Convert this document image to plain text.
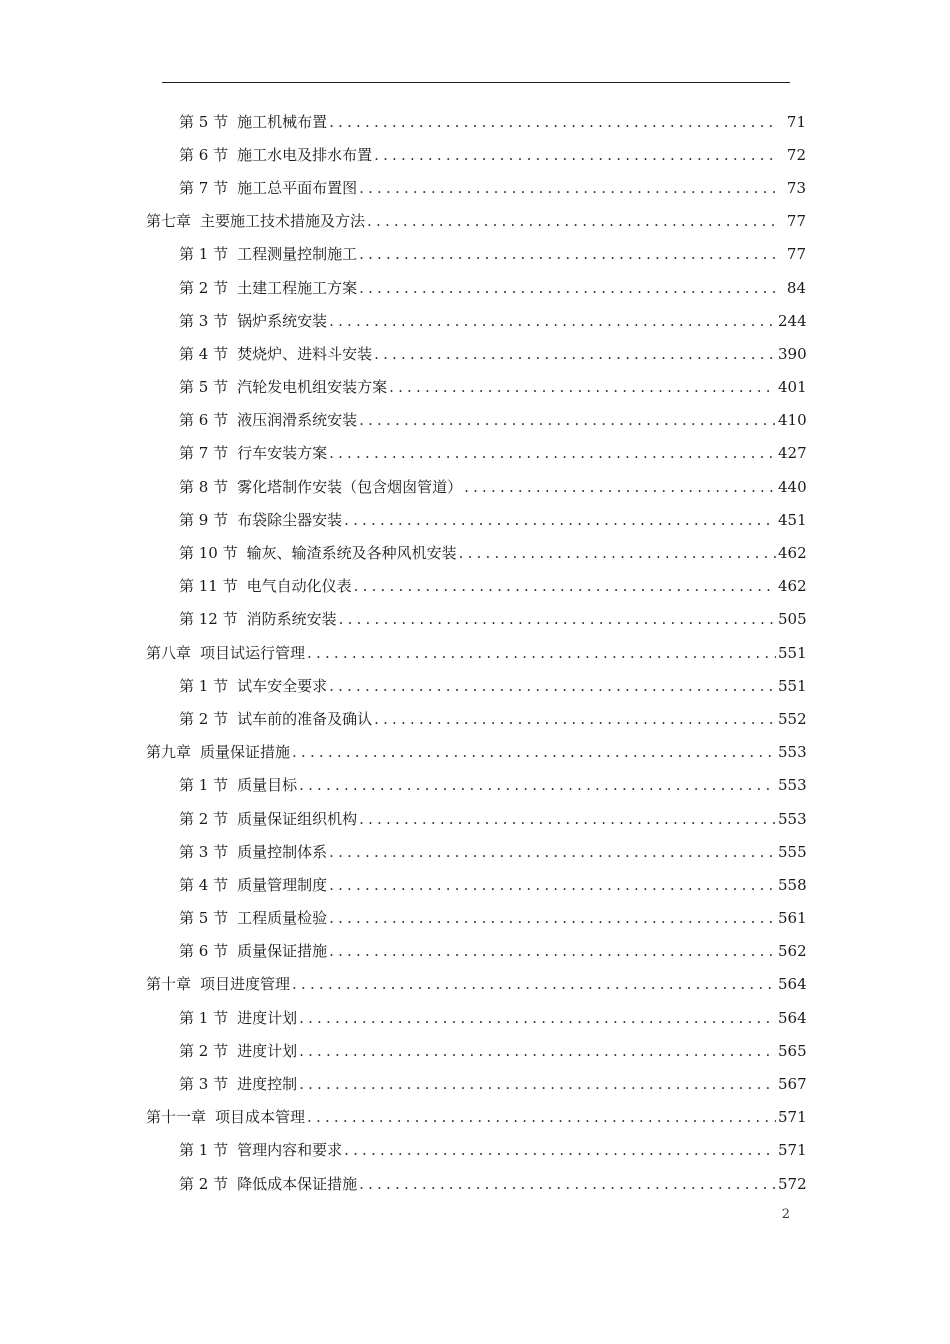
第 5 节 施工机械布置 .....	71
第 6 节 施工水电及排水布置 .....	72
第 7 节 施工总平面布置图 .....	73
第七章 主要施工技术措施及方法 .....	77
第 1 节 工程测量控制施工 .....	77
第 2 节 土建工程施工方案 .....	84
第 3 节 锅炉系统安装 .....	244
第 4 节 焚烧炉、进料斗安装 .....	390
第 5 节 汽轮发电机组安装方案 .....	401
第 6 节 液压润滑系统安装 .....	410
第 7 节 行车安装方案 .....	427
第 8 节 雾化塔制作安装（包含烟囱管道） .....	440
第 9 节 布袋除尘器安装 .....	451
第 10 节 输灰、输渣系统及各种风机安装 .....	462
第 11 节 电气自动化仪表 .....	462
第 12 节 消防系统安装 .....	505
第八章 项目试运行管理 .....	551
第 1 节 试车安全要求 .....	551
第 2 节 试车前的准备及确认 .....	552
第九章 质量保证措施 .....	553
第 1 节 质量目标 .....	553
第 2 节 质量保证组织机构 .....	553
第 3 节 质量控制体系 .....	555
第 4 节 质量管理制度 .....	558
第 5 节 工程质量检验 .....	561
第 6 节 质量保证措施 .....	562
第十章 项目进度管理 .....	564
第 1 节 进度计划 .....	564
第 2 节 进度计划 .....	565
第 3 节 进度控制 .....	567
第十一章 项目成本管理 .....	571
第 1 节 管理内容和要求 .....	571
第 2 节 降低成本保证措施 .....	572
2
